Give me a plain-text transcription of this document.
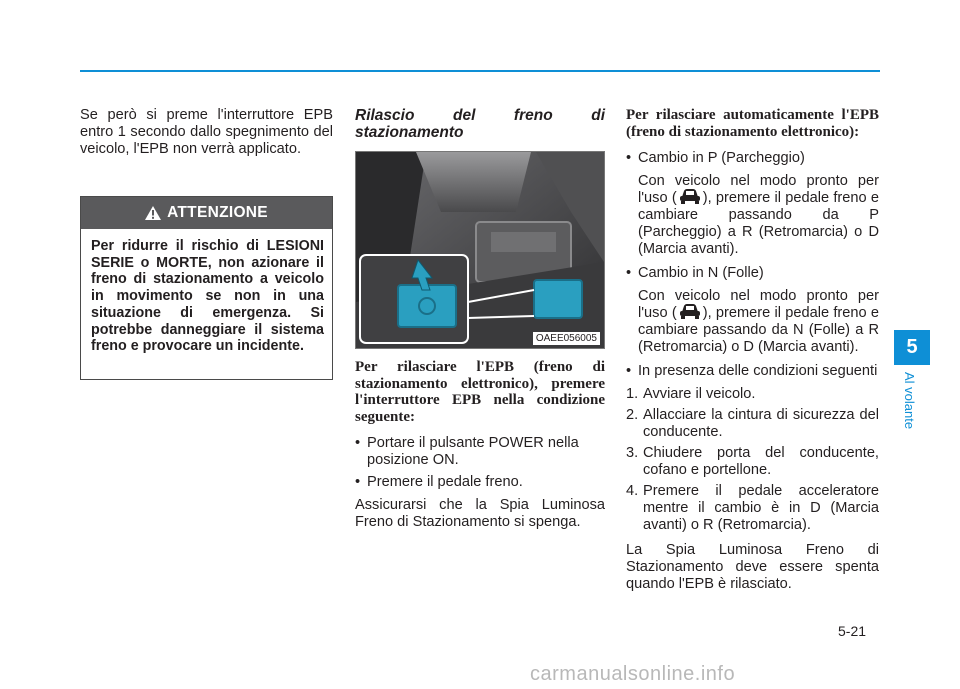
Se però si preme l'interruttore EPB entro 1 secondo dallo spegnimento del veicolo, l'EPB non verrà applicato.

ATTENZIONE
Per ridurre il rischio di LESIONI SERIE o MORTE, non azionare il freno di stazionamento a veicolo in movimento se non in una situazione di emergenza. Si potrebbe danneggiare il sistema freno e provocare un incidente.

Rilascio del freno di stazionamento

OAEE056005

Per rilasciare l'EPB (freno di stazionamento elettronico), premere l'interruttore EPB nella condizione seguente:

• Portare il pulsante POWER nella posizione ON.
• Premere il pedale freno.

Assicurarsi che la Spia Luminosa Freno di Stazionamento si spenga.

Per rilasciare automaticamente l'EPB (freno di stazionamento elettronico):

• Cambio in P (Parcheggio)

Con veicolo nel modo pronto per l'uso ( ), premere il pedale freno e cambiare passando da P (Parcheggio) a R (Retromarcia) o D (Marcia avanti).

• Cambio in N (Folle)

Con veicolo nel modo pronto per l'uso ( ), premere il pedale freno e cambiare passando da N (Folle) a R (Retromarcia) o D (Marcia avanti).

• In presenza delle condizioni seguenti
1. Avviare il veicolo.
2. Allacciare la cintura di sicurezza del conducente.
3. Chiudere porta del conducente, cofano e portellone.
4. Premere il pedale acceleratore mentre il cambio è in D (Marcia avanti) o R (Retromarcia).

La Spia Luminosa Freno di Stazionamento deve essere spenta quando l'EPB è rilasciato.

5
Al volante
5-21
carmanualsonline.info
